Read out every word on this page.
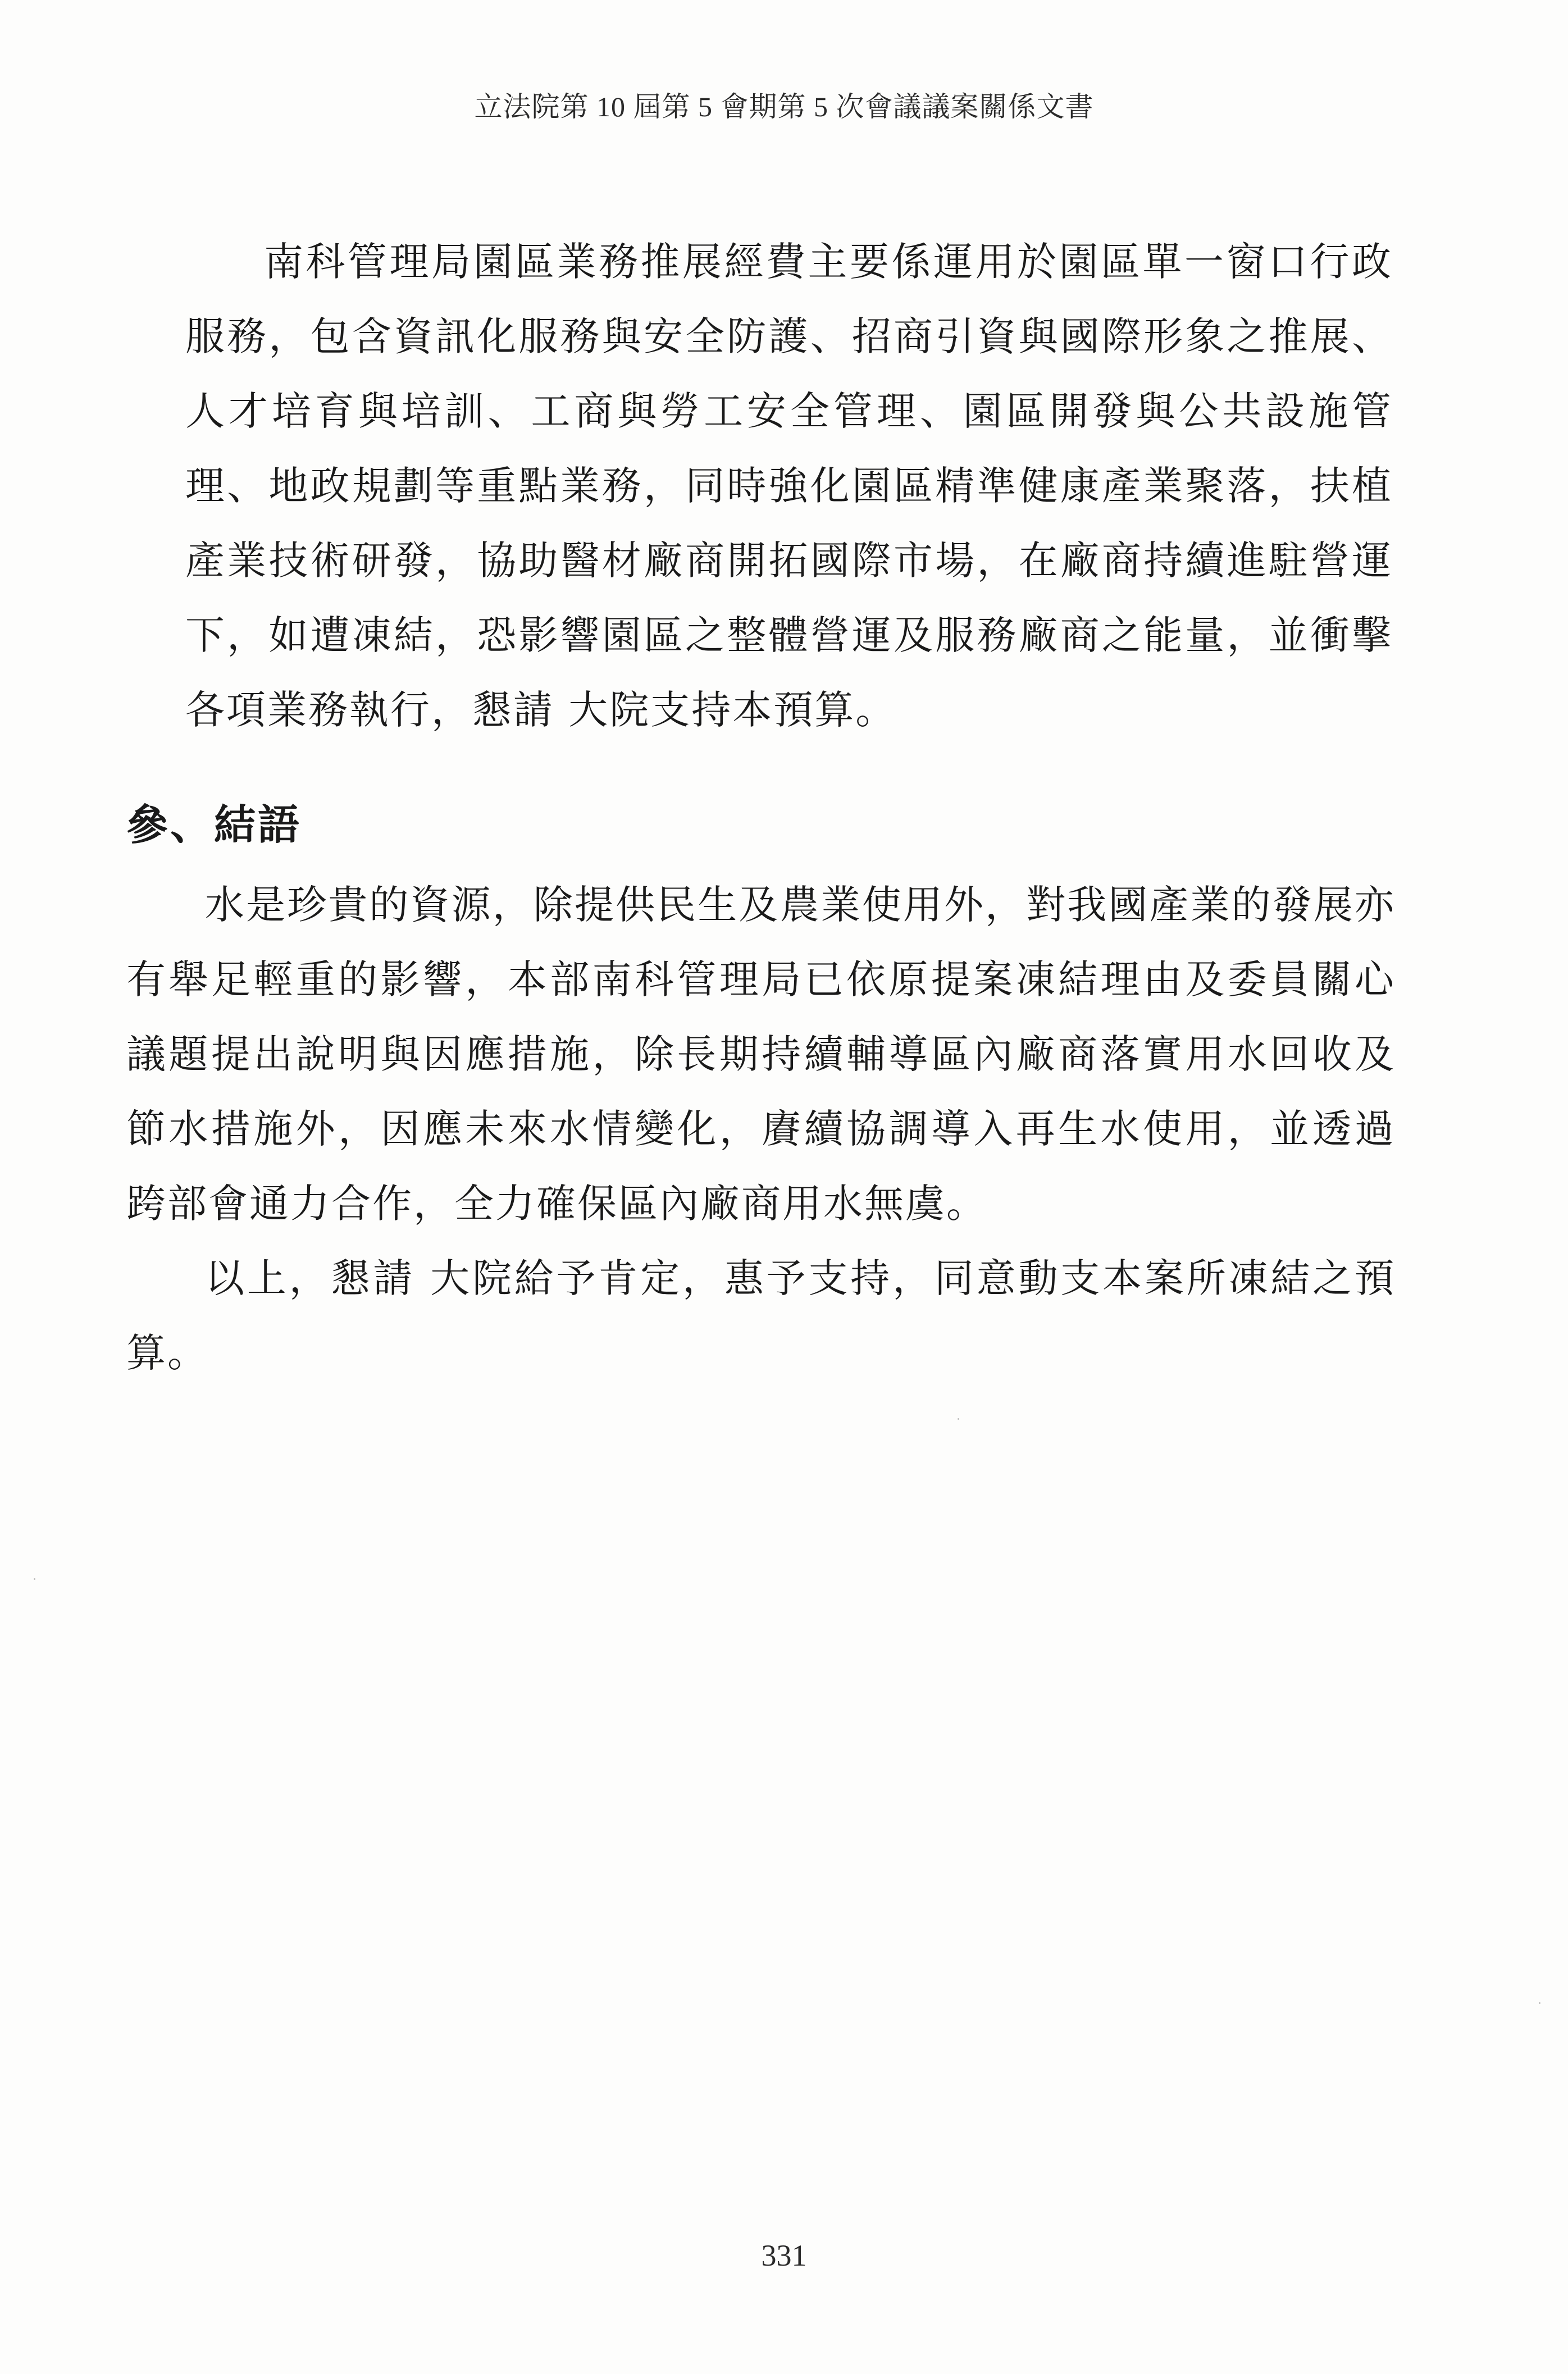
立法院第 10 屆第 5 會期第 5 次會議議案關係文書

南科管理局園區業務推展經費主要係運用於園區單一窗口行政服務，包含資訊化服務與安全防護、招商引資與國際形象之推展、人才培育與培訓、工商與勞工安全管理、園區開發與公共設施管理、地政規劃等重點業務，同時強化園區精準健康產業聚落，扶植產業技術研發，協助醫材廠商開拓國際市場，在廠商持續進駐營運下，如遭凍結，恐影響園區之整體營運及服務廠商之能量，並衝擊各項業務執行，懇請 大院支持本預算。

參、結語

水是珍貴的資源，除提供民生及農業使用外，對我國產業的發展亦有舉足輕重的影響，本部南科管理局已依原提案凍結理由及委員關心議題提出說明與因應措施，除長期持續輔導區內廠商落實用水回收及節水措施外，因應未來水情變化，賡續協調導入再生水使用，並透過跨部會通力合作，全力確保區內廠商用水無虞。

以上，懇請 大院給予肯定，惠予支持，同意動支本案所凍結之預算。

331
